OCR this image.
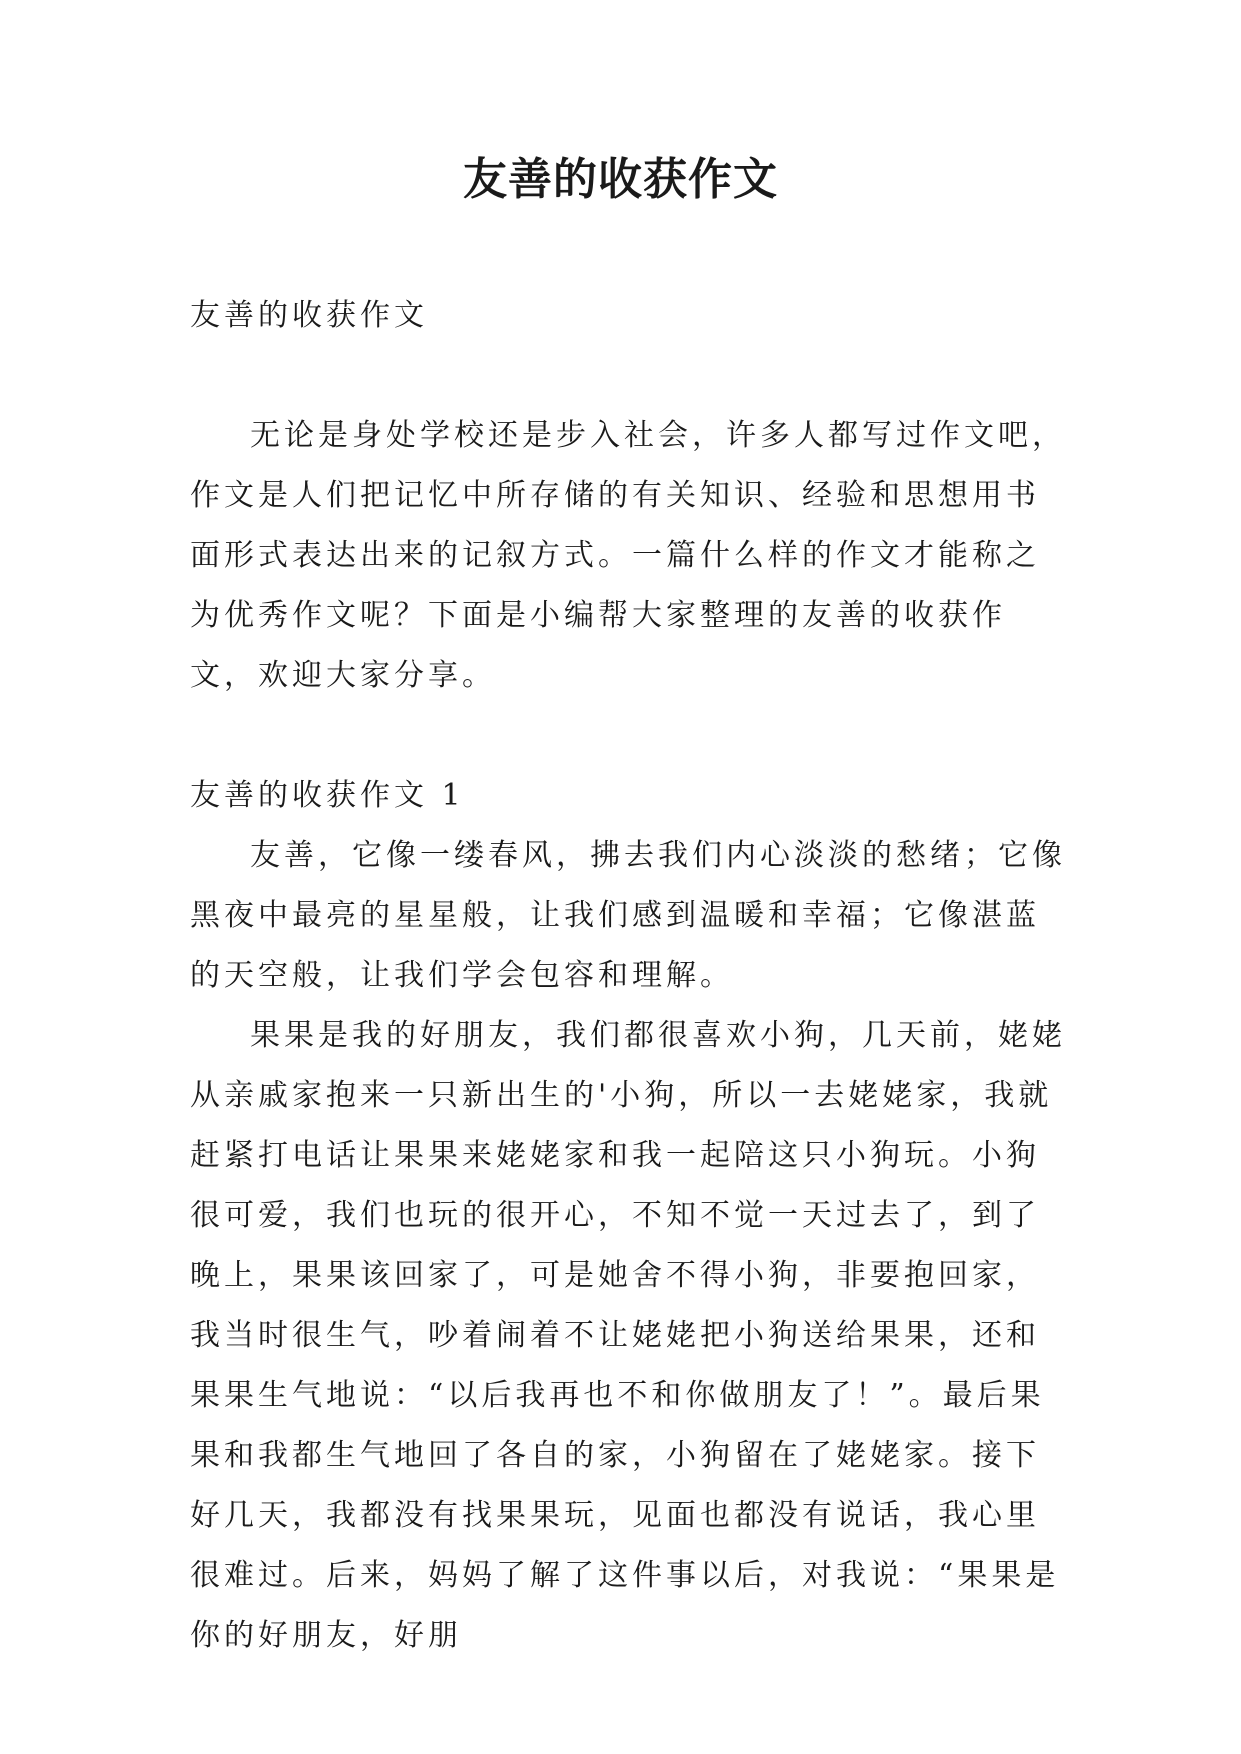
友善的收获作文

友善的收获作文

无论是身处学校还是步入社会，许多人都写过作文吧，作文是人们把记忆中所存储的有关知识、经验和思想用书面形式表达出来的记叙方式。一篇什么样的作文才能称之为优秀作文呢？下面是小编帮大家整理的友善的收获作文，欢迎大家分享。

友善的收获作文 1

友善，它像一缕春风，拂去我们内心淡淡的愁绪；它像黑夜中最亮的星星般，让我们感到温暖和幸福；它像湛蓝的天空般，让我们学会包容和理解。

果果是我的好朋友，我们都很喜欢小狗，几天前，姥姥从亲戚家抱来一只新出生的'小狗，所以一去姥姥家，我就赶紧打电话让果果来姥姥家和我一起陪这只小狗玩。小狗很可爱，我们也玩的很开心，不知不觉一天过去了，到了晚上，果果该回家了，可是她舍不得小狗，非要抱回家，我当时很生气，吵着闹着不让姥姥把小狗送给果果，还和果果生气地说：“以后我再也不和你做朋友了！”。最后果果和我都生气地回了各自的家，小狗留在了姥姥家。接下好几天，我都没有找果果玩，见面也都没有说话，我心里很难过。后来，妈妈了解了这件事以后，对我说：“果果是你的好朋友，好朋
